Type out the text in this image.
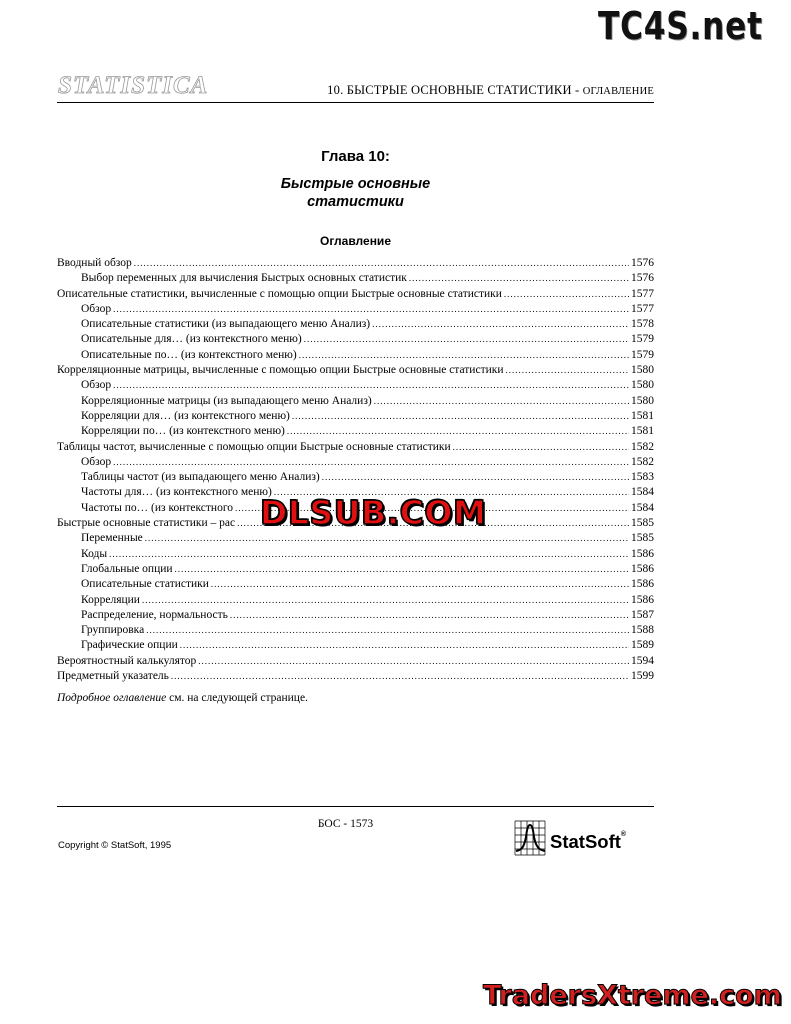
TC4S.net
STATISTICA	10. БЫСТРЫЕ ОСНОВНЫЕ СТАТИСТИКИ - ОГЛАВЛЕНИЕ
Глава 10:
Быстрые основные
статистики
Оглавление
Вводный обзор .....	1576
Выбор переменных для вычисления Быстрых основных статистик .....	1576
Описательные статистики, вычисленные с помощью опции Быстрые основные статистики .....	1577
Обзор .....	1577
Описательные статистики (из выпадающего меню Анализ) .....	1578
Описательные для… (из контекстного меню) .....	1579
Описательные по… (из контекстного меню) .....	1579
Корреляционные матрицы, вычисленные с помощью опции Быстрые основные статистики .....	1580
Обзор .....	1580
Корреляционные матрицы (из выпадающего меню Анализ) .....	1580
Корреляции для… (из контекстного меню) .....	1581
Корреляции по… (из контекстного меню) .....	1581
Таблицы частот, вычисленные с помощью опции Быстрые основные статистики .....	1582
Обзор .....	1582
Таблицы частот (из выпадающего меню Анализ) .....	1583
Частоты для… (из контекстного меню) .....	1584
Частоты по… (из контекстного .....	1584
Быстрые основные статистики – рас .....	1585
Переменные .....	1585
Коды .....	1586
Глобальные опции .....	1586
Описательные статистики .....	1586
Корреляции .....	1586
Распределение, нормальность .....	1587
Группировка .....	1588
Графические опции .....	1589
Вероятностный калькулятор .....	1594
Предметный указатель .....	1599
Подробное оглавление см. на следующей странице.
DLSUB.COM
БОС - 1573
Copyright © StatSoft, 1995	StatSoft®
TradersXtreme.com
